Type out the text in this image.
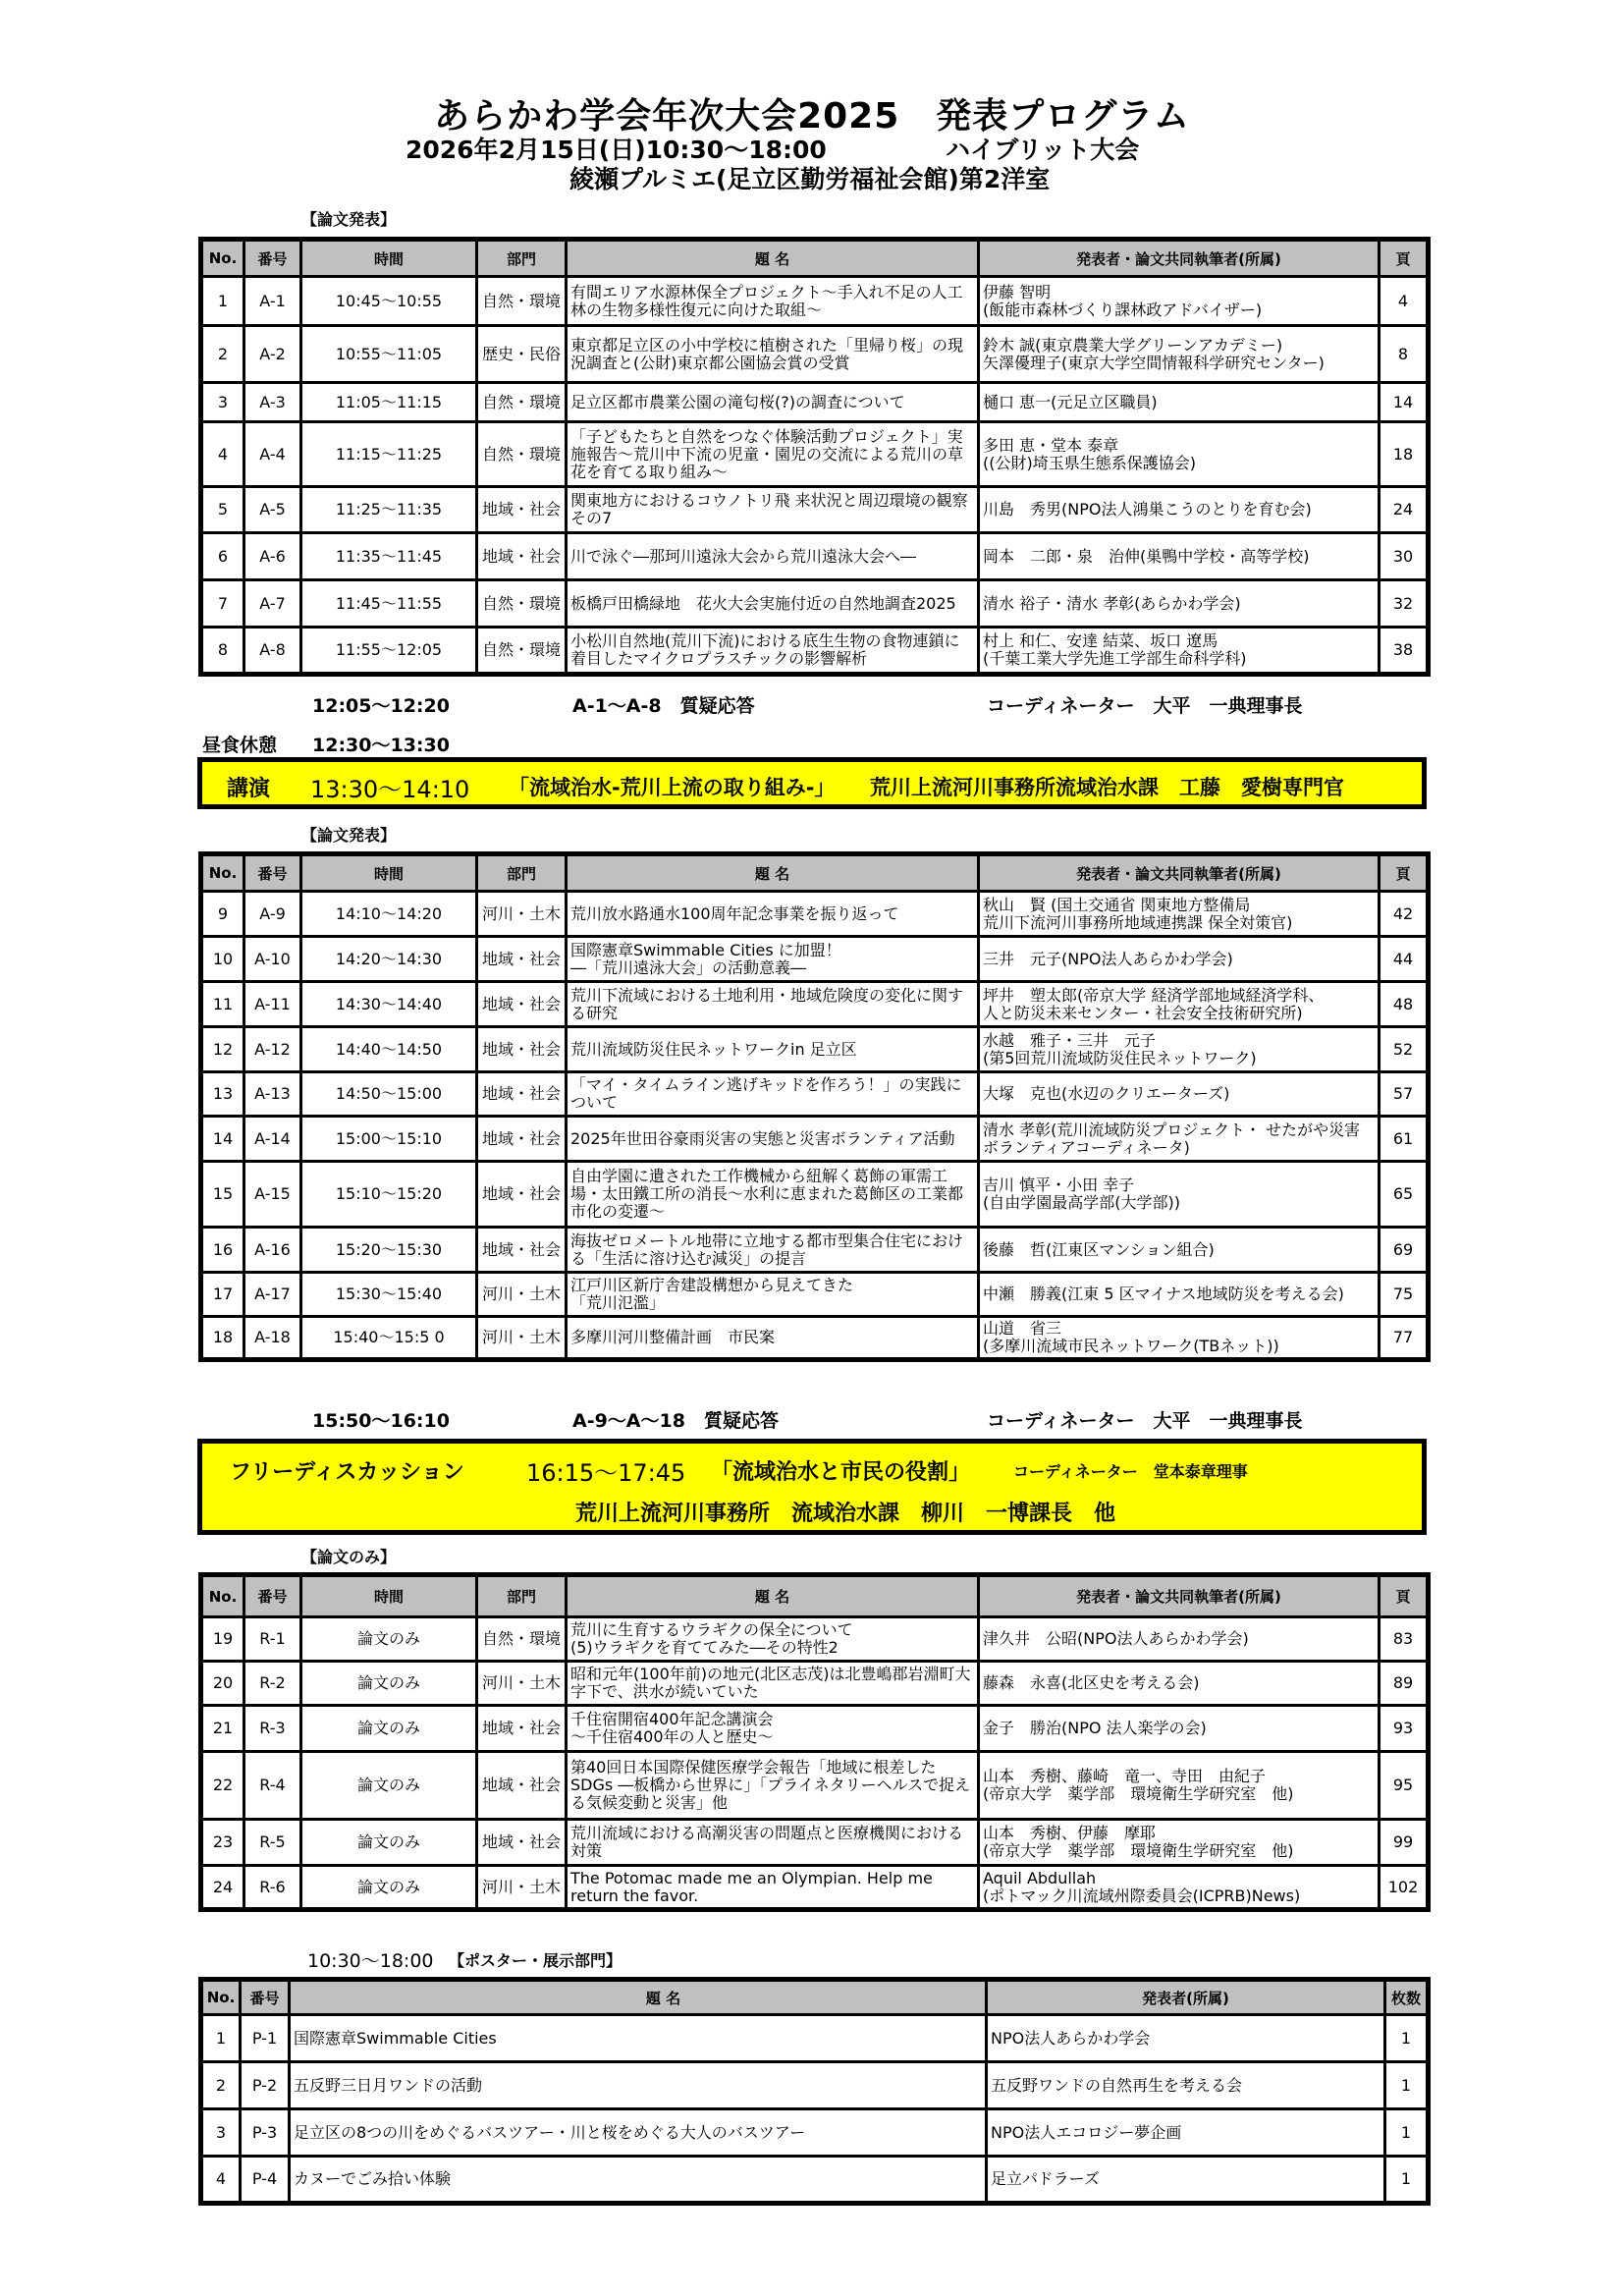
あらかわ学会年次大会2025　発表プログラム
2026年2月15日(日)10:30～18:00	ハイブリット大会
綾瀬プルミエ(足立区勤労福祉会館)第2洋室
【論文発表】
No.	番号	時間	部門	題 名	発表者・論文共同執筆者(所属)	頁
1	A-1	10:45～10:55	自然・環境	有間エリア水源林保全プロジェクト～手入れ不足の人工林の生物多様性復元に向けた取組～	伊藤 智明
(飯能市森林づくり課林政アドバイザー)	4
2	A-2	10:55～11:05	歴史・民俗	東京都足立区の小中学校に植樹された「里帰り桜」の現況調査と(公財)東京都公園協会賞の受賞	鈴木 誠(東京農業大学グリーンアカデミー)
矢澤優理子(東京大学空間情報科学研究センター)	8
3	A-3	11:05～11:15	自然・環境	足立区都市農業公園の滝匂桜(?)の調査について	樋口 恵一(元足立区職員)	14
4	A-4	11:15～11:25	自然・環境	「子どもたちと自然をつなぐ体験活動プロジェクト」実施報告～荒川中下流の児童・園児の交流による荒川の草花を育てる取り組み～	多田 恵・堂本 泰章
((公財)埼玉県生態系保護協会)	18
5	A-5	11:25～11:35	地域・社会	関東地方におけるコウノトリ飛 来状況と周辺環境の観察　その7	川島　秀男(NPO法人鴻巣こうのとりを育む会)	24
6	A-6	11:35～11:45	地域・社会	川で泳ぐ―那珂川遠泳大会から荒川遠泳大会へ―	岡本　二郎・泉　治伸(巣鴨中学校・高等学校)	30
7	A-7	11:45～11:55	自然・環境	板橋戸田橋緑地　花火大会実施付近の自然地調査2025	清水 裕子・清水 孝彰(あらかわ学会)	32
8	A-8	11:55～12:05	自然・環境	小松川自然地(荒川下流)における底生生物の食物連鎖に着目したマイクロプラスチックの影響解析	村上 和仁、安達 結菜、坂口 遼馬
(千葉工業大学先進工学部生命科学科)	38
12:05～12:20	A-1～A-8　質疑応答	コーディネーター　大平　一典理事長
昼食休憩 12:30～13:30
講演 13:30～14:10 「流域治水-荒川上流の取り組み-」 荒川上流河川事務所流域治水課　工藤　愛樹専門官
【論文発表】
No.	番号	時間	部門	題 名	発表者・論文共同執筆者(所属)	頁
9	A-9	14:10～14:20	河川・土木	荒川放水路通水100周年記念事業を振り返って	秋山　賢 (国土交通省 関東地方整備局
荒川下流河川事務所地域連携課 保全対策官)	42
10	A-10	14:20～14:30	地域・社会	国際憲章Swimmable Cities に加盟！
―「荒川遠泳大会」の活動意義―	三井　元子(NPO法人あらかわ学会)	44
11	A-11	14:30～14:40	地域・社会	荒川下流域における土地利用・地域危険度の変化に関する研究	坪井　塑太郎(帝京大学 経済学部地域経済学科、
人と防災未来センター・社会安全技術研究所)	48
12	A-12	14:40～14:50	地域・社会	荒川流域防災住民ネットワークin 足立区	水越　雅子・三井　元子
(第5回荒川流域防災住民ネットワーク)	52
13	A-13	14:50～15:00	地域・社会	「マイ・タイムライン逃げキッドを作ろう！」の実践について	大塚　克也(水辺のクリエーターズ)	57
14	A-14	15:00～15:10	地域・社会	2025年世田谷豪雨災害の実態と災害ボランティア活動	清水 孝彰(荒川流域防災プロジェクト・ せたがや災害ボランティアコーディネータ)	61
15	A-15	15:10～15:20	地域・社会	自由学園に遺された工作機械から紐解く葛飾の軍需工場・太田鐵工所の消長～水利に恵まれた葛飾区の工業都市化の変遷～	吉川 慎平・小田 幸子
(自由学園最高学部(大学部))	65
16	A-16	15:20～15:30	地域・社会	海抜ゼロメートル地帯に立地する都市型集合住宅における「生活に溶け込む減災」の提言	後藤　哲(江東区マンション組合)	69
17	A-17	15:30～15:40	河川・土木	江戸川区新庁舎建設構想から見えてきた
「荒川氾濫」	中瀬　勝義(江東 5 区マイナス地域防災を考える会)	75
18	A-18	15:40～15:5 0	河川・土木	多摩川河川整備計画　市民案	山道　省三
(多摩川流域市民ネットワーク(TBネット))	77
15:50～16:10	A-9～A～18　質疑応答	コーディネーター　大平　一典理事長
フリーディスカッション	16:15～17:45 「流域治水と市民の役割」	コーディネーター　堂本泰章理事
荒川上流河川事務所　流域治水課　柳川　一博課長　他
【論文のみ】
No.	番号	時間	部門	題 名	発表者・論文共同執筆者(所属)	頁
19	R-1	論文のみ	自然・環境	荒川に生育するウラギクの保全について
(5)ウラギクを育ててみた―その特性2	津久井　公昭(NPO法人あらかわ学会)	83
20	R-2	論文のみ	河川・土木	昭和元年(100年前)の地元(北区志茂)は北豊嶋郡岩淵町大字下で、洪水が続いていた	藤森　永喜(北区史を考える会)	89
21	R-3	論文のみ	地域・社会	千住宿開宿400年記念講演会
～千住宿400年の人と歴史～	金子　勝治(NPO 法人楽学の会)	93
22	R-4	論文のみ	地域・社会	第40回日本国際保健医療学会報告「地域に根差したSDGs ―板橋から世界に」「プライネタリーヘルスで捉える気候変動と災害」他	山本　秀樹、藤崎　竜一、寺田　由紀子
(帝京大学　薬学部　環境衛生学研究室　他)	95
23	R-5	論文のみ	地域・社会	荒川流域における高潮災害の問題点と医療機関における対策	山本　秀樹、伊藤　摩耶
(帝京大学　薬学部　環境衛生学研究室　他)	99
24	R-6	論文のみ	河川・土木	The Potomac made me an Olympian. Help me return the favor.	Aquil Abdullah
(ポトマック川流域州際委員会(ICPRB)News)	102
10:30～18:00 【ポスター・展示部門】
No.	番号	題 名	発表者(所属)	枚数
1	P-1	国際憲章Swimmable Cities	NPO法人あらかわ学会	1
2	P-2	五反野三日月ワンドの活動	五反野ワンドの自然再生を考える会	1
3	P-3	足立区の8つの川をめぐるバスツアー・川と桜をめぐる大人のバスツアー	NPO法人エコロジー夢企画	1
4	P-4	カヌーでごみ拾い体験	足立パドラーズ	1
